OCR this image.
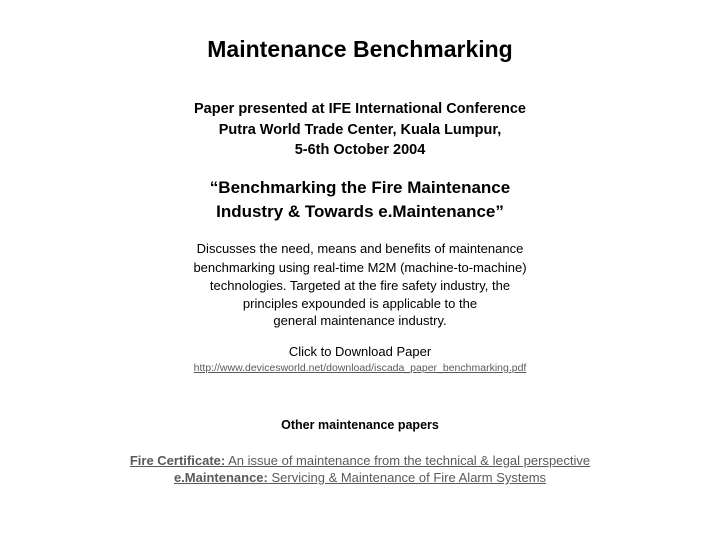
Maintenance Benchmarking
Paper presented at IFE International Conference
Putra World Trade Center, Kuala Lumpur,
5-6th October 2004
“Benchmarking the Fire Maintenance
Industry & Towards e.Maintenance”
Discusses the need, means and benefits of maintenance
benchmarking using real-time M2M (machine-to-machine)
technologies. Targeted at the fire safety industry, the
principles expounded is applicable to the
general maintenance industry.
Click to Download Paper
http://www.devicesworld.net/download/iscada_paper_benchmarking.pdf
Other maintenance papers
Fire Certificate: An issue of maintenance from the technical & legal perspective
e.Maintenance: Servicing & Maintenance of Fire Alarm Systems
